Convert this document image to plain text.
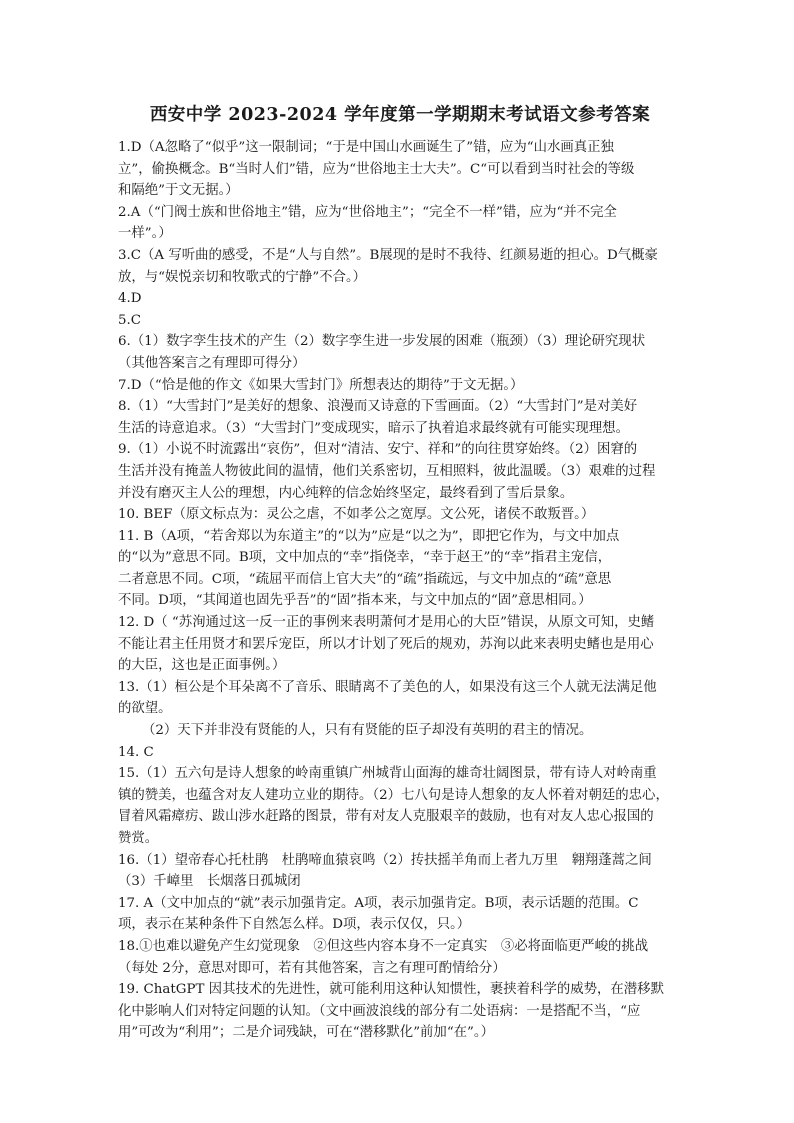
西安中学 2023-2024 学年度第一学期期末考试语文参考答案

1.D（A忽略了“似乎”这一限制词；“于是中国山水画诞生了”错，应为“山水画真正独

立”，偷换概念。B“当时人们”错，应为“世俗地主士大夫”。C“可以看到当时社会的等级

和隔绝”于文无据。）

2.A（“门阀士族和世俗地主”错，应为“世俗地主”；“完全不一样”错，应为“并不完全

一样”。）

3.C（A 写听曲的感受，不是“人与自然”。B展现的是时不我待、红颜易逝的担心。D气概豪

放，与“娱悦亲切和牧歌式的宁静”不合。）

4.D

5.C

6.（1）数字孪生技术的产生（2）数字孪生进一步发展的困难（瓶颈）（3）理论研究现状

（其他答案言之有理即可得分）

7.D（“恰是他的作文《如果大雪封门》所想表达的期待”于文无据。）

8.（1）“大雪封门”是美好的想象、浪漫而又诗意的下雪画面。（2）“大雪封门”是对美好

生活的诗意追求。（3）“大雪封门”变成现实，暗示了执着追求最终就有可能实现理想。

9.（1）小说不时流露出“哀伤”，但对“清洁、安宁、祥和”的向往贯穿始终。（2）困窘的

生活并没有掩盖人物彼此间的温情，他们关系密切，互相照料，彼此温暖。（3）艰难的过程

并没有磨灭主人公的理想，内心纯粹的信念始终坚定，最终看到了雪后景象。

10. BEF（原文标点为：灵公之虐，不如孝公之宽厚。文公死，诸侯不敢叛晋。）

11. B（A项，“若舍郑以为东道主”的“以为”应是“以之为”，即把它作为，与文中加点

的“以为”意思不同。B项，文中加点的“幸”指侥幸，“幸于赵王”的“幸”指君主宠信，

二者意思不同。C项，“疏屈平而信上官大夫”的“疏”指疏远，与文中加点的“疏”意思

不同。D项，“其闻道也固先乎吾”的“固”指本来，与文中加点的“固”意思相同。）

12. D（ “苏洵通过这一反一正的事例来表明萧何才是用心的大臣”错误，从原文可知，史鳍

不能让君主任用贤才和罢斥宠臣，所以才计划了死后的规劝，苏洵以此来表明史鳍也是用心

的大臣，这也是正面事例。）

13.（1）桓公是个耳朵离不了音乐、眼睛离不了美色的人，如果没有这三个人就无法满足他

的欲望。

（2）天下并非没有贤能的人，只有有贤能的臣子却没有英明的君主的情况。

14. C

15.（1）五六句是诗人想象的岭南重镇广州城背山面海的雄奇壮阔图景，带有诗人对岭南重

镇的赞美，也蕴含对友人建功立业的期待。（2）七八句是诗人想象的友人怀着对朝廷的忠心，

冒着风霜瘴疠、跋山涉水赶路的图景，带有对友人克服艰辛的鼓励，也有对友人忠心报国的

赞赏。

16.（1）望帝春心托杜鹃　杜鹃啼血猿哀鸣（2）抟扶摇羊角而上者九万里　翱翔蓬蒿之间

（3）千嶂里　长烟落日孤城闭

17. A（文中加点的“就”表示加强肯定。A项，表示加强肯定。B项，表示话题的范围。C

项，表示在某种条件下自然怎么样。D项，表示仅仅，只。）

18.①也难以避免产生幻觉现象　②但这些内容本身不一定真实　③必将面临更严峻的挑战

（每处 2分，意思对即可，若有其他答案，言之有理可酌情给分）

19. ChatGPT 因其技术的先进性，就可能利用这种认知惯性，裹挟着科学的威势，在潜移默

化中影响人们对特定问题的认知。（文中画波浪线的部分有二处语病：一是搭配不当，“应

用”可改为“利用”；二是介词残缺，可在“潜移默化”前加“在”。）
